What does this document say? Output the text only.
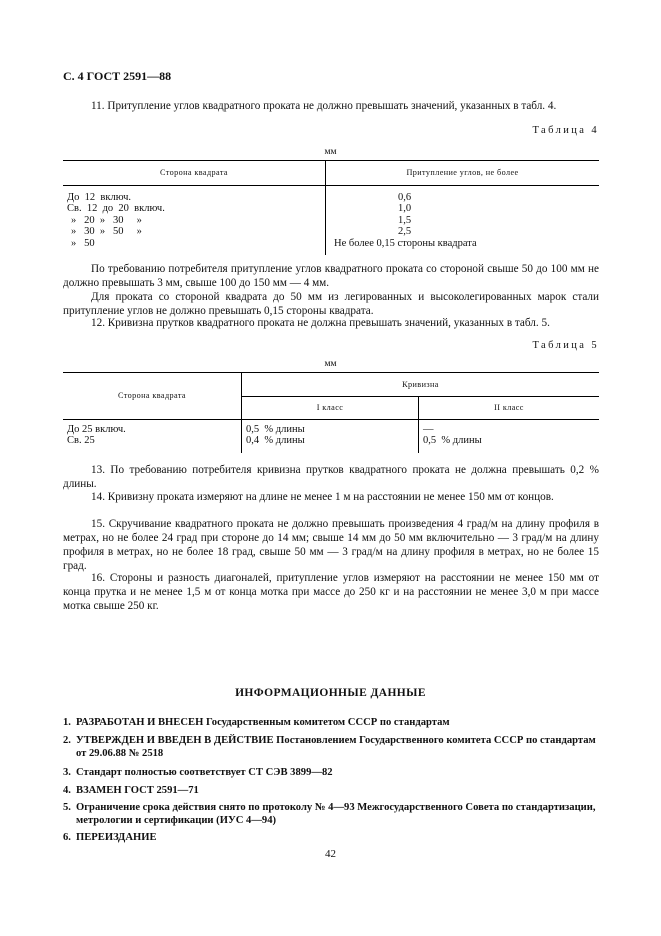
С. 4 ГОСТ 2591—88
11. Притупление углов квадратного проката не должно превышать значений, указанных в табл. 4.
Таблица 4
мм
Сторона квадрата	Притупление углов, не более

До  12  включ.	0,6
Св.  12  до  20  включ.	1,0
»   20  »   30     »	1,5
»   30  »   50     »	2,5
»   50	Не более 0,15 стороны квадрата

По требованию потребителя притупление углов квадратного проката со стороной свыше 50 до 100 мм не должно превышать 3 мм, свыше 100 до 150 мм — 4 мм.
Для проката со стороной квадрата до 50 мм из легированных и высоколегированных марок стали притупление углов не должно превышать 0,15 стороны квадрата.
12. Кривизна прутков квадратного проката не должна превышать значений, указанных в табл. 5.
Таблица 5
мм
Сторона квадрата	Кривизна	
	I класс	II класс

До 25 включ.	0,5  % длины	—
Св. 25	0,4  % длины	0,5  % длины

13. По требованию потребителя кривизна прутков квадратного проката не должна превышать 0,2 % длины.
14. Кривизну проката измеряют на длине не менее 1 м на расстоянии не менее 150 мм от концов.
15. Скручивание квадратного проката не должно превышать произведения 4 град/м на длину профиля в метрах, но не более 24 град при стороне до 14 мм; свыше 14 мм до 50 мм включительно — 3 град/м на длину профиля в метрах, но не более 18 град, свыше 50 мм — 3 град/м на длину профиля в метрах, но не более 15 град.
16. Стороны и разность диагоналей, притупление углов измеряют на расстоянии не менее 150 мм от конца прутка и не менее 1,5 м от конца мотка при массе до 250 кг и на расстоянии не менее 3,0 м при массе мотка свыше 250 кг.
ИНФОРМАЦИОННЫЕ ДАННЫЕ
1. РАЗРАБОТАН И ВНЕСЕН Государственным комитетом СССР по стандартам
2. УТВЕРЖДЕН И ВВЕДЕН В ДЕЙСТВИЕ Постановлением Государственного комитета СССР по стандартам от 29.06.88 № 2518
3. Стандарт полностью соответствует СТ СЭВ 3899—82
4. ВЗАМЕН ГОСТ 2591—71
5. Ограничение срока действия снято по протоколу № 4—93 Межгосударственного Совета по стандартизации, метрологии и сертификации (ИУС 4—94)
6. ПЕРЕИЗДАНИЕ
42
